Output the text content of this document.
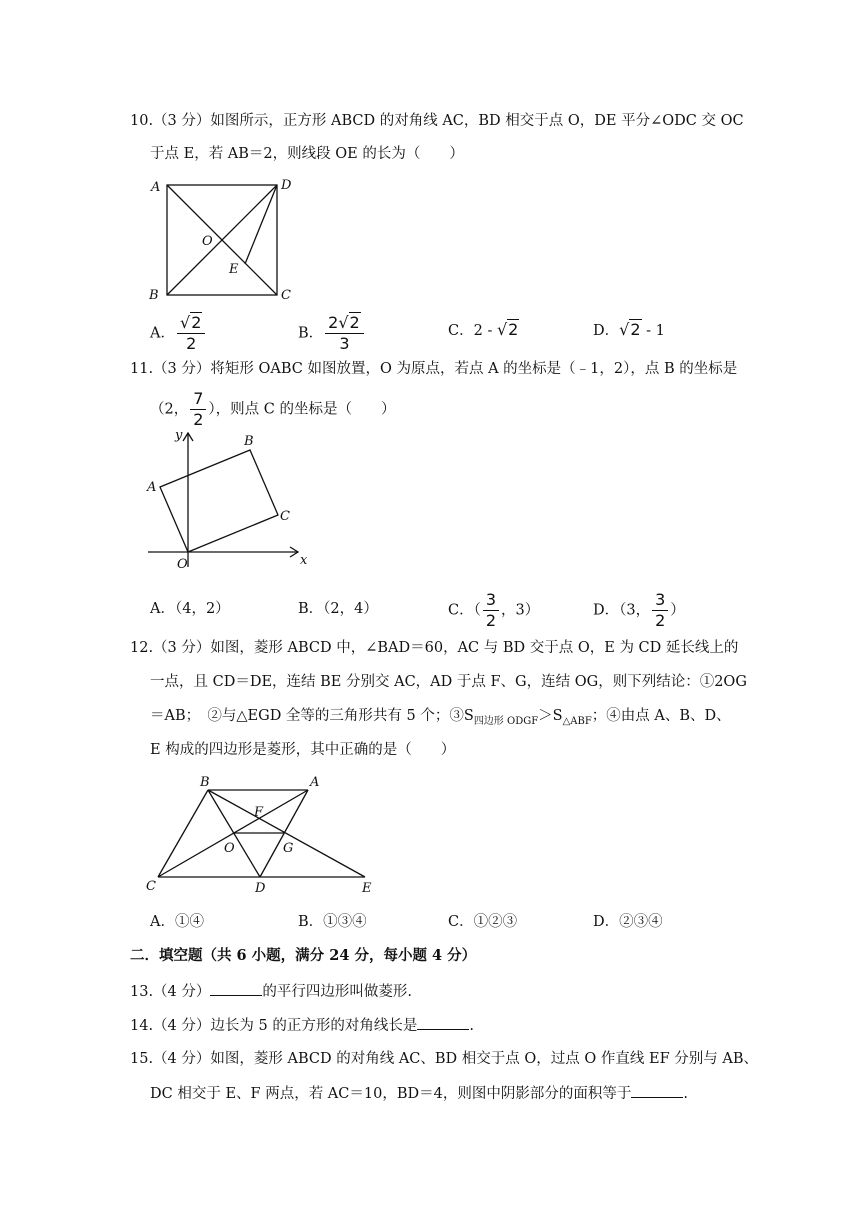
10.（3 分）如图所示，正方形 ABCD 的对角线 AC，BD 相交于点 O，DE 平分∠ODC 交 OC
于点 E，若 AB＝2，则线段 OE 的长为（　　）
A	D
O
E
B	C
A． $\frac{√2}{2}$	B． $\frac{2√2}{3}$	C．2 - √2	D．√2 - 1
11.（3 分）将矩形 OABC 如图放置，O 为原点，若点 A 的坐标是（﹣1，2），点 B 的坐标是
（2， $\frac{7}{2}$ ），则点 C 的坐标是（　　）
y
x
O
A
B
C
A．（4，2）	B．（2，4）	C．（ $\frac{3}{2}$ ，3）	D．（3， $\frac{3}{2}$ ）
12.（3 分）如图，菱形 ABCD 中，∠BAD＝60，AC 与 BD 交于点 O，E 为 CD 延长线上的
一点，且 CD＝DE，连结 BE 分别交 AC，AD 于点 F、G，连结 OG，则下列结论：①2OG
＝AB；　②与△EGD 全等的三角形共有 5 个；$③S_{四边形 ODGF}>S_{\triangle ABF}$；④由点 A、B、D、
E 构成的四边形是菱形，其中正确的是（　　）
B	A
F
O	G
C	D	E
A．①④	B．①③④	C．①②③	D．②③④
二．填空题（共 6 小题，满分 24 分，每小题 4 分）
13.（4 分）	的平行四边形叫做菱形.
14.（4 分）边长为 5 的正方形的对角线长是	.
15.（4 分）如图，菱形 ABCD 的对角线 AC、BD 相交于点 O，过点 O 作直线 EF 分别与 AB、
DC 相交于 E、F 两点，若 AC＝10，BD＝4，则图中阴影部分的面积等于	.
